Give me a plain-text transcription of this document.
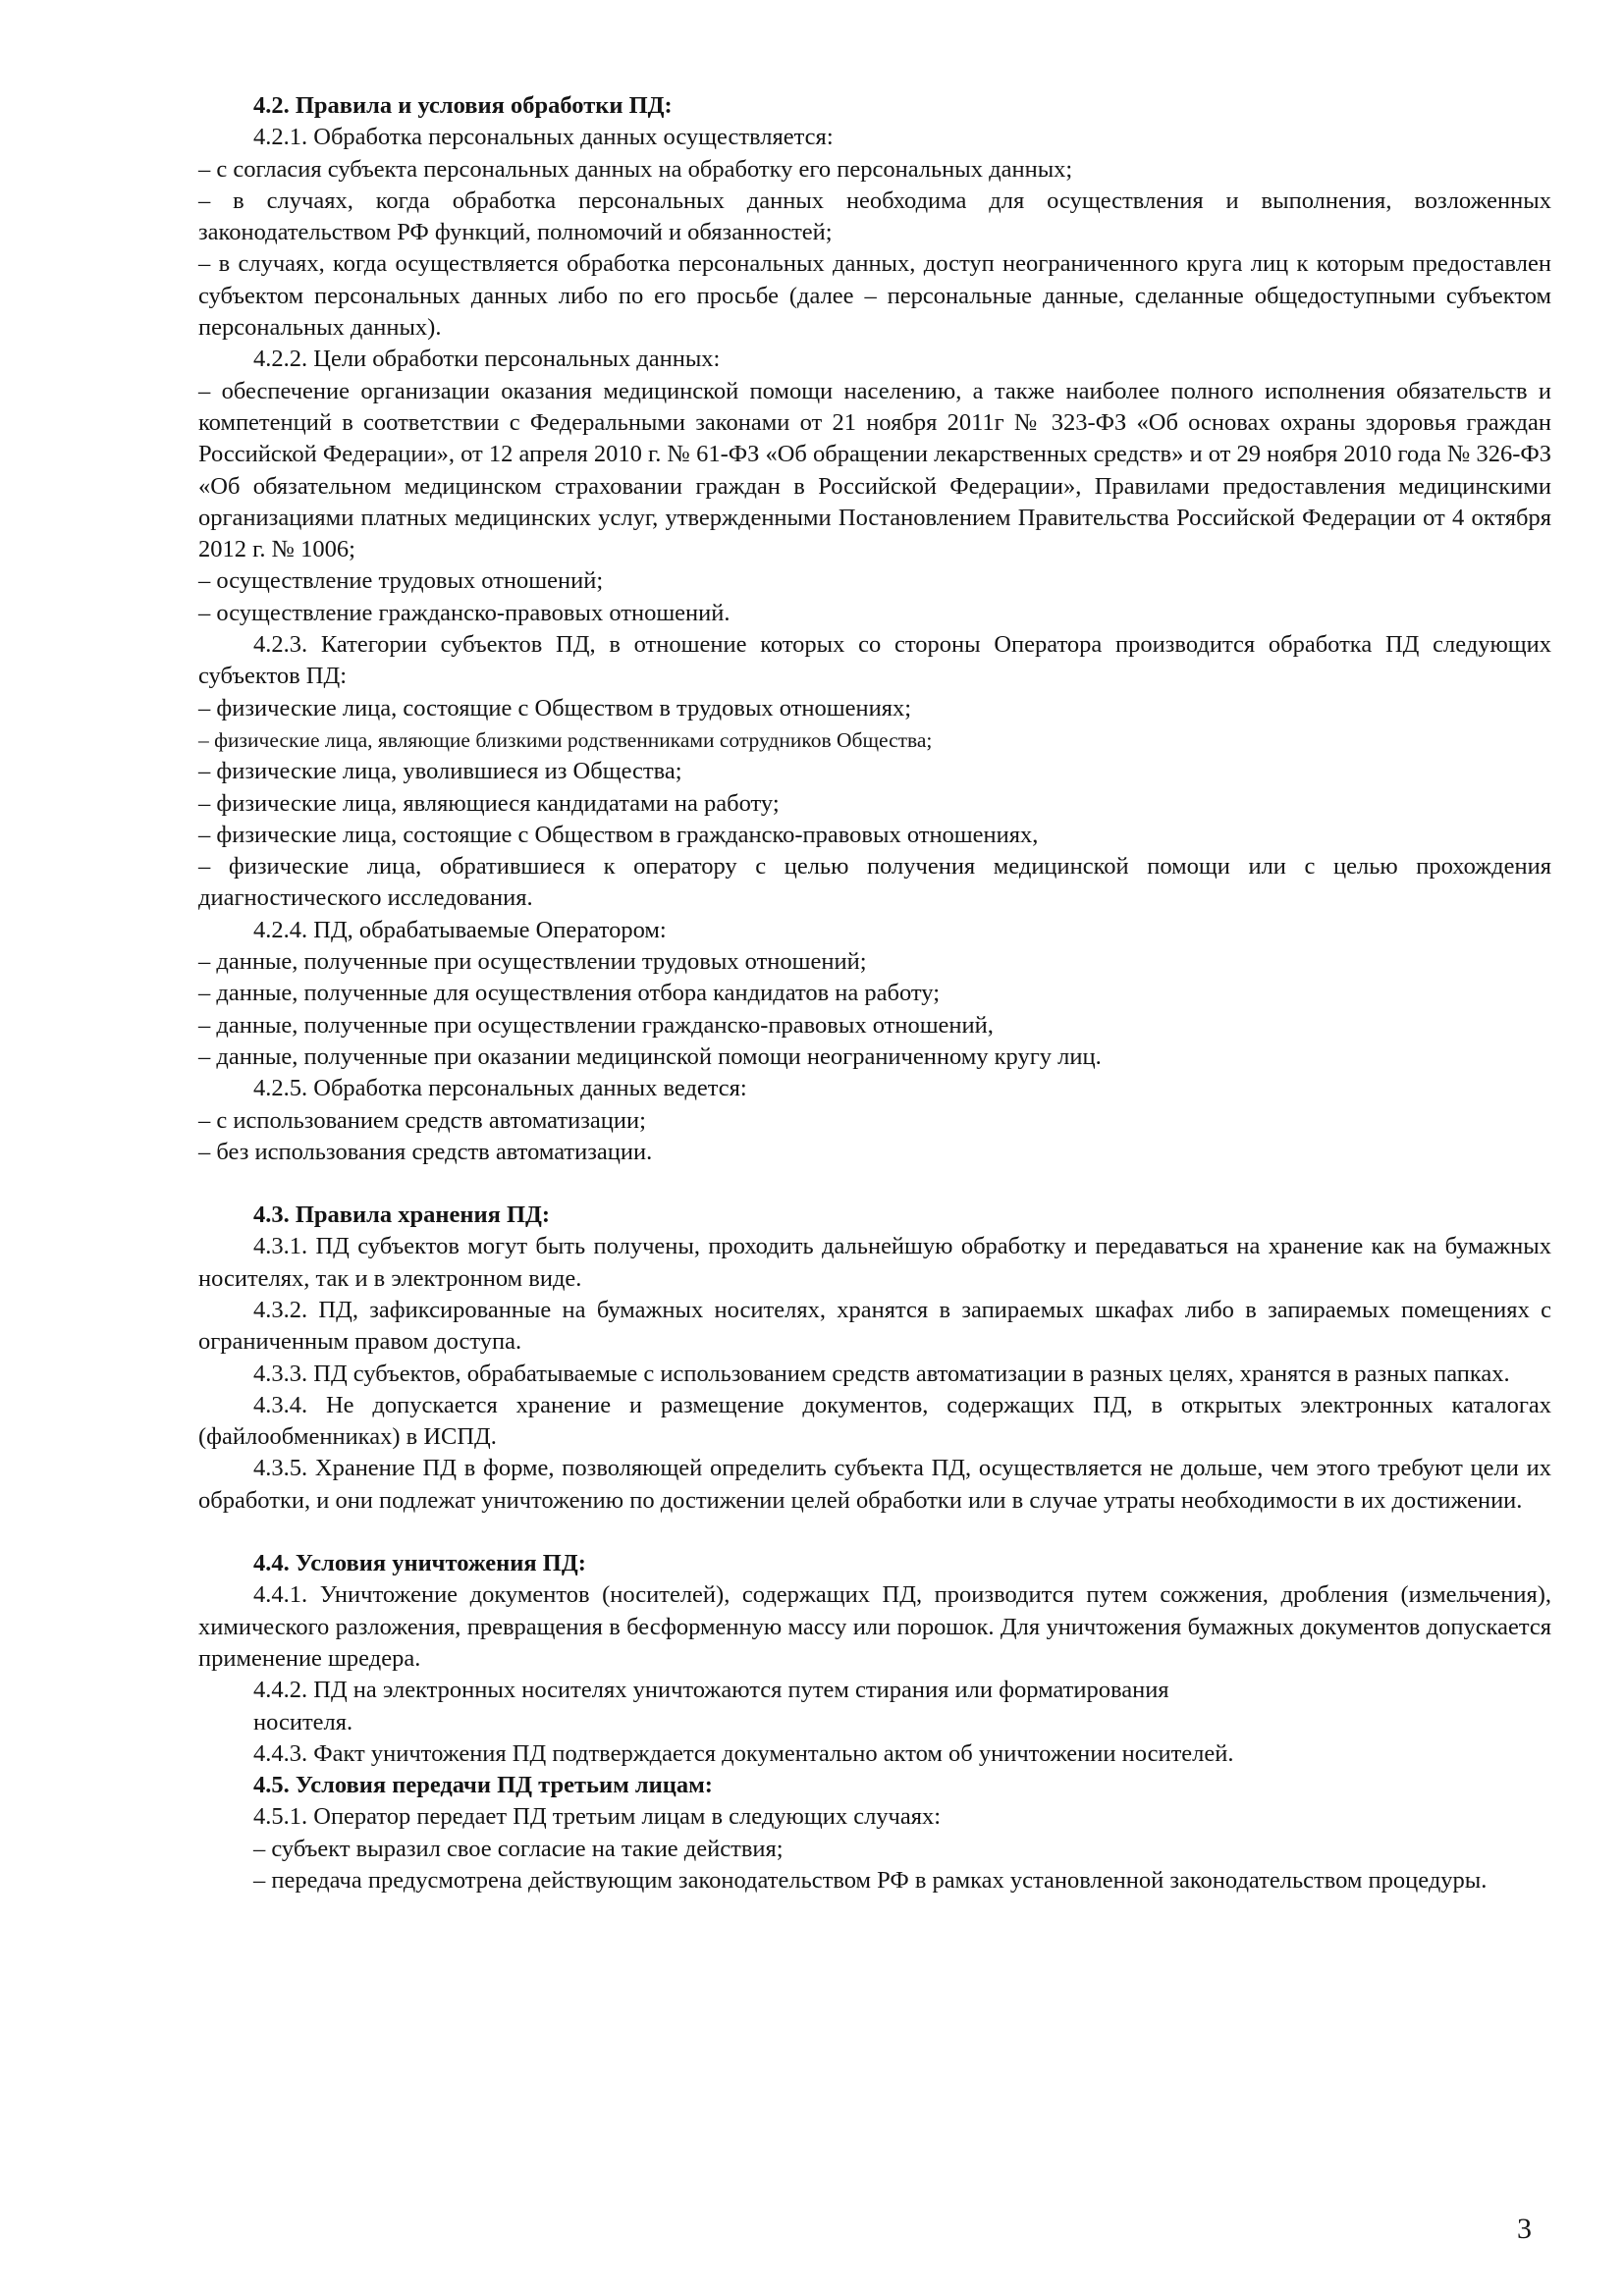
4.2. Правила и условия обработки ПД:

4.2.1. Обработка персональных данных осуществляется:

– с согласия субъекта персональных данных на обработку его персональных данных;

– в случаях, когда обработка персональных данных необходима для осуществления и выполнения, возложенных законодательством РФ функций, полномочий и обязанностей;

– в случаях, когда осуществляется обработка персональных данных, доступ неограниченного круга лиц к которым предоставлен субъектом персональных данных либо по его просьбе (далее – персональные данные, сделанные общедоступными субъектом персональных данных).

4.2.2. Цели обработки персональных данных:

– обеспечение организации оказания медицинской помощи населению, а также наиболее полного исполнения обязательств и компетенций в соответствии с Федеральными законами от 21 ноября 2011г № 323-ФЗ «Об основах охраны здоровья граждан Российской Федерации», от 12 апреля 2010 г. № 61-ФЗ «Об обращении лекарственных средств» и от 29 ноября 2010 года № 326-ФЗ «Об обязательном медицинском страховании граждан в Российской Федерации», Правилами предоставления медицинскими организациями платных медицинских услуг, утвержденными Постановлением Правительства Российской Федерации от 4 октября 2012 г. № 1006;

– осуществление трудовых отношений;

– осуществление гражданско-правовых отношений.

4.2.3. Категории субъектов ПД, в отношение которых со стороны Оператора производится обработка ПД следующих субъектов ПД:

– физические лица, состоящие с Обществом в трудовых отношениях;

– физические лица, являющие близкими родственниками сотрудников Общества;

– физические лица, уволившиеся из Общества;

– физические лица, являющиеся кандидатами на работу;

– физические лица, состоящие с Обществом в гражданско-правовых отношениях,

– физические лица, обратившиеся к оператору с целью получения медицинской помощи или с целью прохождения диагностического исследования.

4.2.4. ПД, обрабатываемые Оператором:

– данные, полученные при осуществлении трудовых отношений;

– данные, полученные для осуществления отбора кандидатов на работу;

– данные, полученные при осуществлении гражданско-правовых отношений,

– данные, полученные при оказании медицинской помощи неограниченному кругу лиц.

4.2.5. Обработка персональных данных ведется:

– с использованием средств автоматизации;

– без использования средств автоматизации.

4.3. Правила хранения ПД:

4.3.1. ПД субъектов могут быть получены, проходить дальнейшую обработку и передаваться на хранение как на бумажных носителях, так и в электронном виде.

4.3.2. ПД, зафиксированные на бумажных носителях, хранятся в запираемых шкафах либо в запираемых помещениях с ограниченным правом доступа.

4.3.3. ПД субъектов, обрабатываемые с использованием средств автоматизации в разных целях, хранятся в разных папках.

4.3.4. Не допускается хранение и размещение документов, содержащих ПД, в открытых электронных каталогах (файлообменниках) в ИСПД.

4.3.5. Хранение ПД в форме, позволяющей определить субъекта ПД, осуществляется не дольше, чем этого требуют цели их обработки, и они подлежат уничтожению по достижении целей обработки или в случае утраты необходимости в их достижении.

4.4. Условия уничтожения ПД:

4.4.1. Уничтожение документов (носителей), содержащих ПД, производится путем сожжения, дробления (измельчения), химического разложения, превращения в бесформенную массу или порошок. Для уничтожения бумажных документов допускается применение шредера.

4.4.2. ПД на электронных носителях уничтожаются путем стирания или форматирования

носителя.

4.4.3. Факт уничтожения ПД подтверждается документально актом об уничтожении носителей.

4.5. Условия передачи ПД третьим лицам:

4.5.1. Оператор передает ПД третьим лицам в следующих случаях:

– субъект выразил свое согласие на такие действия;

– передача предусмотрена действующим законодательством РФ в рамках установленной законодательством процедуры.

3
